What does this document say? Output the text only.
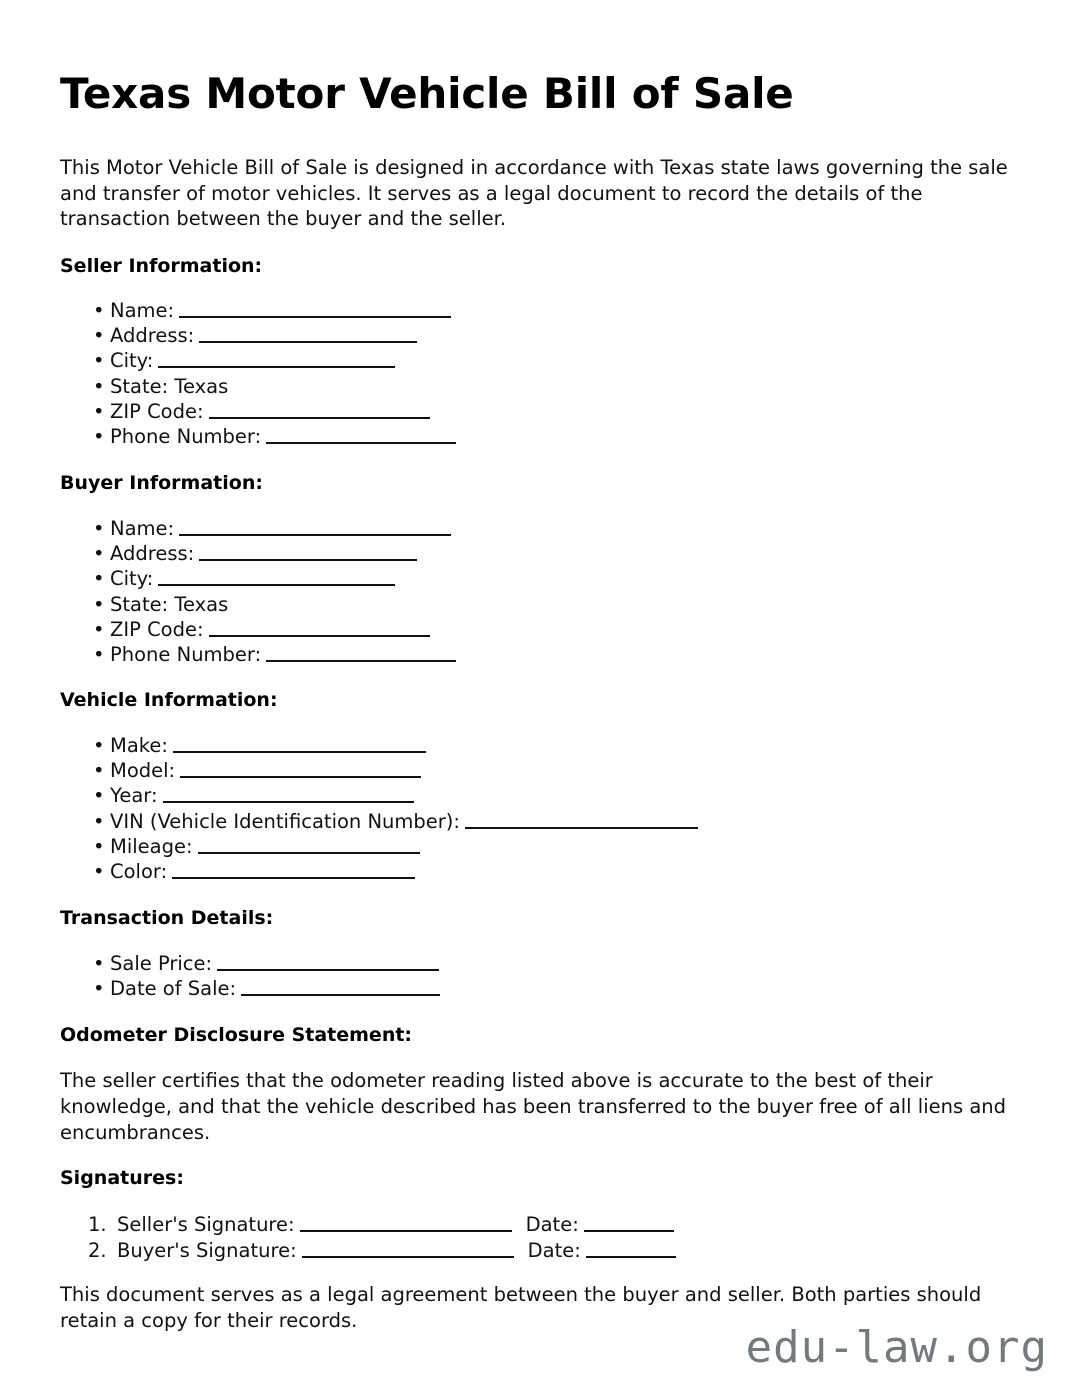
Texas Motor Vehicle Bill of Sale

This Motor Vehicle Bill of Sale is designed in accordance with Texas state laws governing the sale and transfer of motor vehicles. It serves as a legal document to record the details of the transaction between the buyer and the seller.

Seller Information:
• Name:
• Address:
• City:
• State: Texas
• ZIP Code:
• Phone Number:
Buyer Information:
• Name:
• Address:
• City:
• State: Texas
• ZIP Code:
• Phone Number:
Vehicle Information:
• Make:
• Model:
• Year:
• VIN (Vehicle Identification Number):
• Mileage:
• Color:
Transaction Details:
• Sale Price:
• Date of Sale:
Odometer Disclosure Statement:

The seller certifies that the odometer reading listed above is accurate to the best of their knowledge, and that the vehicle described has been transferred to the buyer free of all liens and encumbrances.

Signatures:
1. Seller's Signature:	Date:
2. Buyer's Signature:	Date:

This document serves as a legal agreement between the buyer and seller. Both parties should retain a copy for their records.

edu-law.org
